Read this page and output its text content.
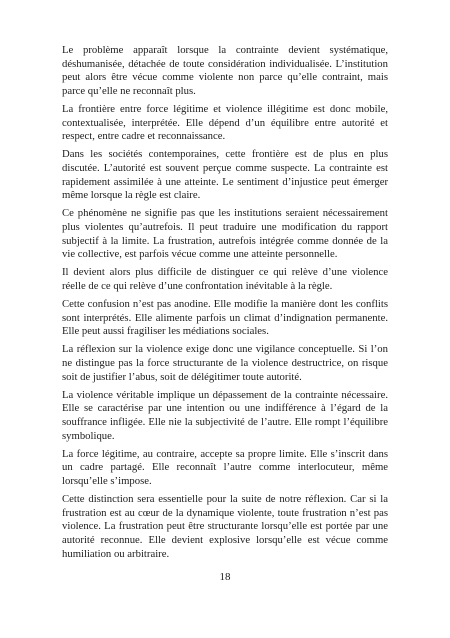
Le problème apparaît lorsque la contrainte devient systématique, déshumanisée, détachée de toute considération individualisée. L’institution peut alors être vécue comme violente non parce qu’elle contraint, mais parce qu’elle ne reconnaît plus.

La frontière entre force légitime et violence illégitime est donc mobile, contextualisée, interprétée. Elle dépend d’un équilibre entre autorité et respect, entre cadre et reconnaissance.

Dans les sociétés contemporaines, cette frontière est de plus en plus discutée. L’autorité est souvent perçue comme suspecte. La contrainte est rapidement assimilée à une atteinte. Le sentiment d’injustice peut émerger même lorsque la règle est claire.

Ce phénomène ne signifie pas que les institutions seraient nécessairement plus violentes qu’autrefois. Il peut traduire une modification du rapport subjectif à la limite. La frustration, autrefois intégrée comme donnée de la vie collective, est parfois vécue comme une atteinte personnelle.

Il devient alors plus difficile de distinguer ce qui relève d’une violence réelle de ce qui relève d’une confrontation inévitable à la règle.

Cette confusion n’est pas anodine. Elle modifie la manière dont les conflits sont interprétés. Elle alimente parfois un climat d’indignation permanente. Elle peut aussi fragiliser les médiations sociales.

La réflexion sur la violence exige donc une vigilance conceptuelle. Si l’on ne distingue pas la force structurante de la violence destructrice, on risque soit de justifier l’abus, soit de délégitimer toute autorité.

La violence véritable implique un dépassement de la contrainte nécessaire. Elle se caractérise par une intention ou une indifférence à l’égard de la souffrance infligée. Elle nie la subjectivité de l’autre. Elle rompt l’équilibre symbolique.

La force légitime, au contraire, accepte sa propre limite. Elle s’inscrit dans un cadre partagé. Elle reconnaît l’autre comme interlocuteur, même lorsqu’elle s’impose.

Cette distinction sera essentielle pour la suite de notre réflexion. Car si la frustration est au cœur de la dynamique violente, toute frustration n’est pas violence. La frustration peut être structurante lorsqu’elle est portée par une autorité reconnue. Elle devient explosive lorsqu’elle est vécue comme humiliation ou arbitraire.

18
